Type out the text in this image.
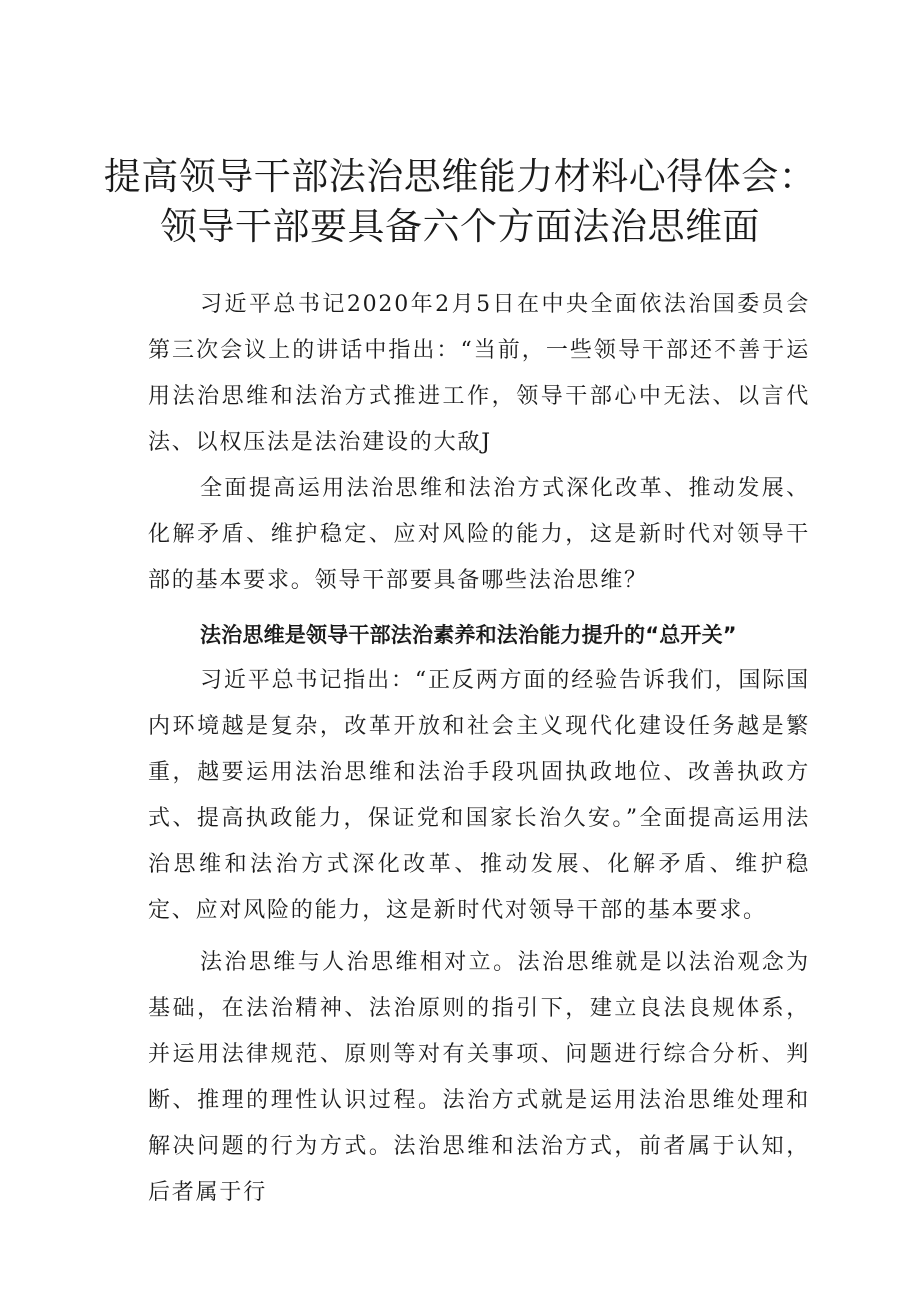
提高领导干部法治思维能力材料心得体会：
领导干部要具备六个方面法治思维面

习近平总书记2020年2月5日在中央全面依法治国委员会第三次会议上的讲话中指出：“当前，一些领导干部还不善于运用法治思维和法治方式推进工作，领导干部心中无法、以言代法、以权压法是法治建设的大敌J

全面提高运用法治思维和法治方式深化改革、推动发展、化解矛盾、维护稳定、应对风险的能力，这是新时代对领导干部的基本要求。领导干部要具备哪些法治思维？

法治思维是领导干部法治素养和法治能力提升的“总开关”

习近平总书记指出：“正反两方面的经验告诉我们，国际国内环境越是复杂，改革开放和社会主义现代化建设任务越是繁重，越要运用法治思维和法治手段巩固执政地位、改善执政方式、提高执政能力，保证党和国家长治久安。”全面提高运用法治思维和法治方式深化改革、推动发展、化解矛盾、维护稳定、应对风险的能力，这是新时代对领导干部的基本要求。

法治思维与人治思维相对立。法治思维就是以法治观念为基础，在法治精神、法治原则的指引下，建立良法良规体系，并运用法律规范、原则等对有关事项、问题进行综合分析、判断、推理的理性认识过程。法治方式就是运用法治思维处理和解决问题的行为方式。法治思维和法治方式，前者属于认知，后者属于行
